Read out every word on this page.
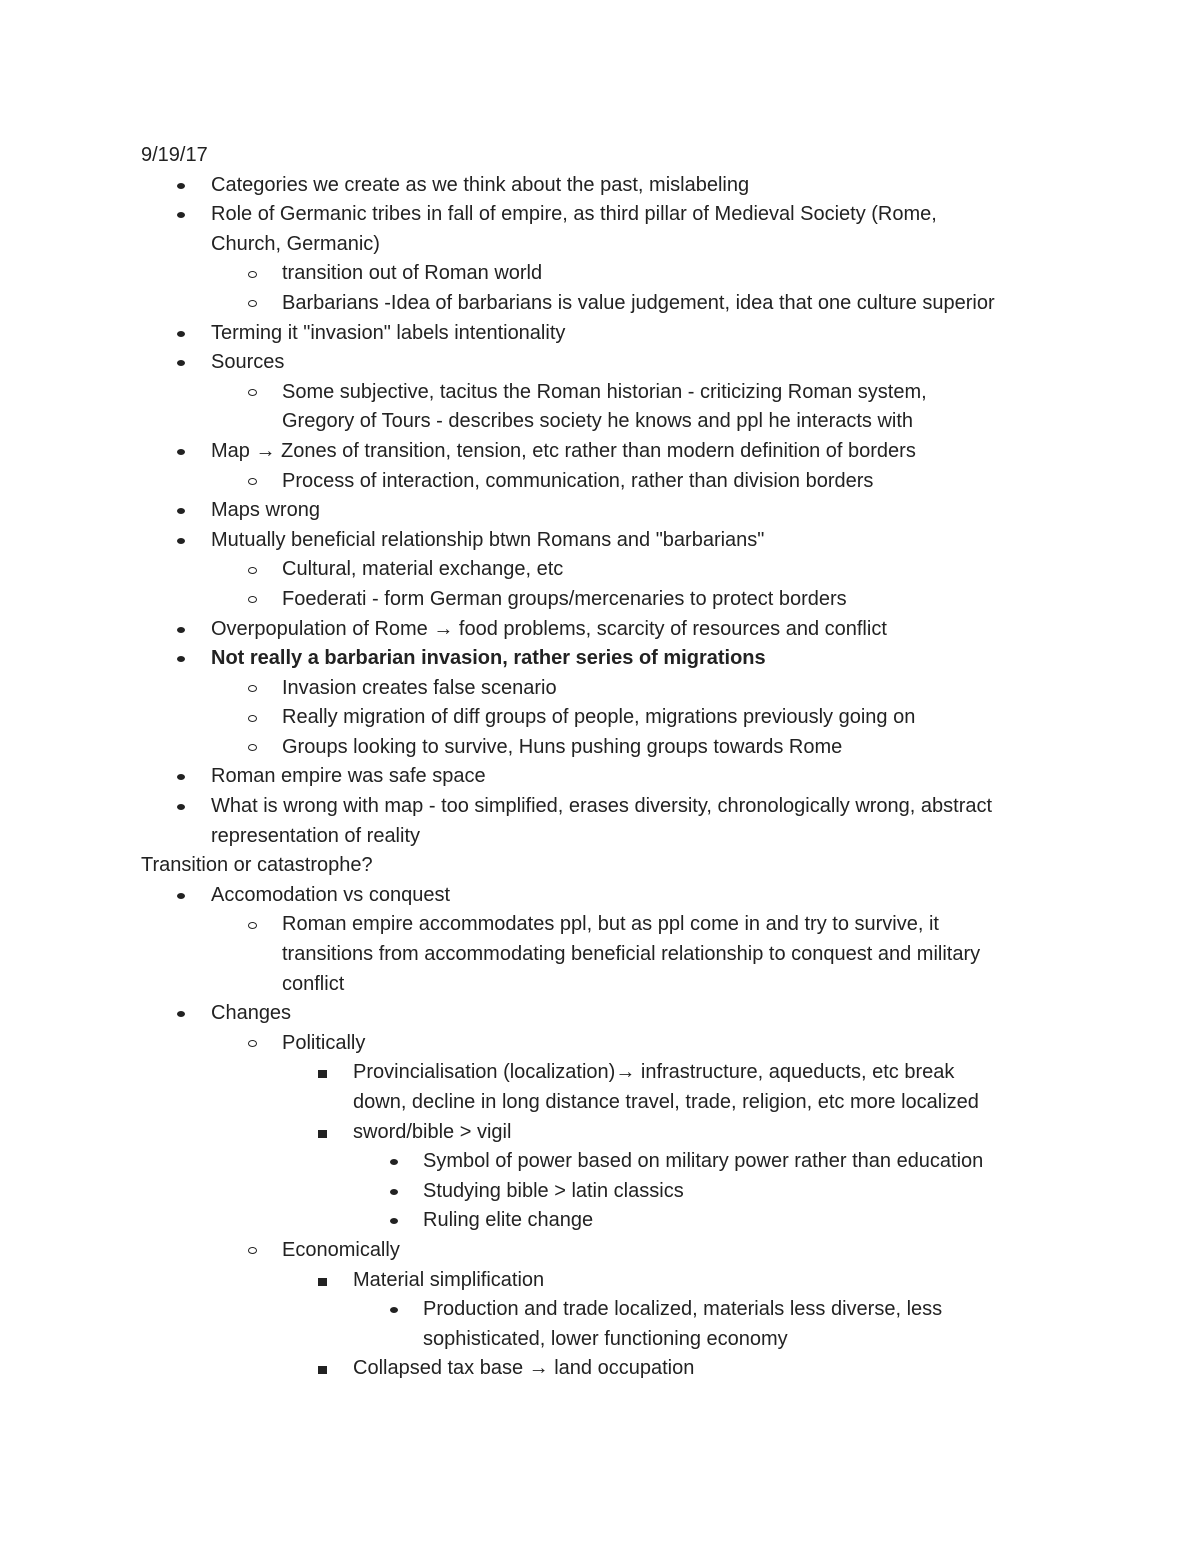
9/19/17
Categories we create as we think about the past, mislabeling
Role of Germanic tribes in fall of empire, as third pillar of Medieval Society (Rome,
Church, Germanic)
transition out of Roman world
Barbarians -Idea of barbarians is value judgement, idea that one culture superior
Terming it "invasion" labels intentionality
Sources
Some subjective, tacitus the Roman historian - criticizing Roman system,
Gregory of Tours - describes society he knows and ppl he interacts with
Map → Zones of transition, tension, etc rather than modern definition of borders
Process of interaction, communication, rather than division borders
Maps wrong
Mutually beneficial relationship btwn Romans and "barbarians"
Cultural, material exchange, etc
Foederati - form German groups/mercenaries to protect borders
Overpopulation of Rome → food problems, scarcity of resources and conflict
Not really a barbarian invasion, rather series of migrations
Invasion creates false scenario
Really migration of diff groups of people, migrations previously going on
Groups looking to survive, Huns pushing groups towards Rome
Roman empire was safe space
What is wrong with map - too simplified, erases diversity, chronologically wrong, abstract
representation of reality
Transition or catastrophe?
Accomodation vs conquest
Roman empire accommodates ppl, but as ppl come in and try to survive, it
transitions from accommodating beneficial relationship to conquest and military
conflict
Changes
Politically
Provincialisation (localization)→ infrastructure, aqueducts, etc break
down, decline in long distance travel, trade, religion, etc more localized
sword/bible > vigil
Symbol of power based on military power rather than education
Studying bible > latin classics
Ruling elite change
Economically
Material simplification
Production and trade localized, materials less diverse, less
sophisticated, lower functioning economy
Collapsed tax base → land occupation
